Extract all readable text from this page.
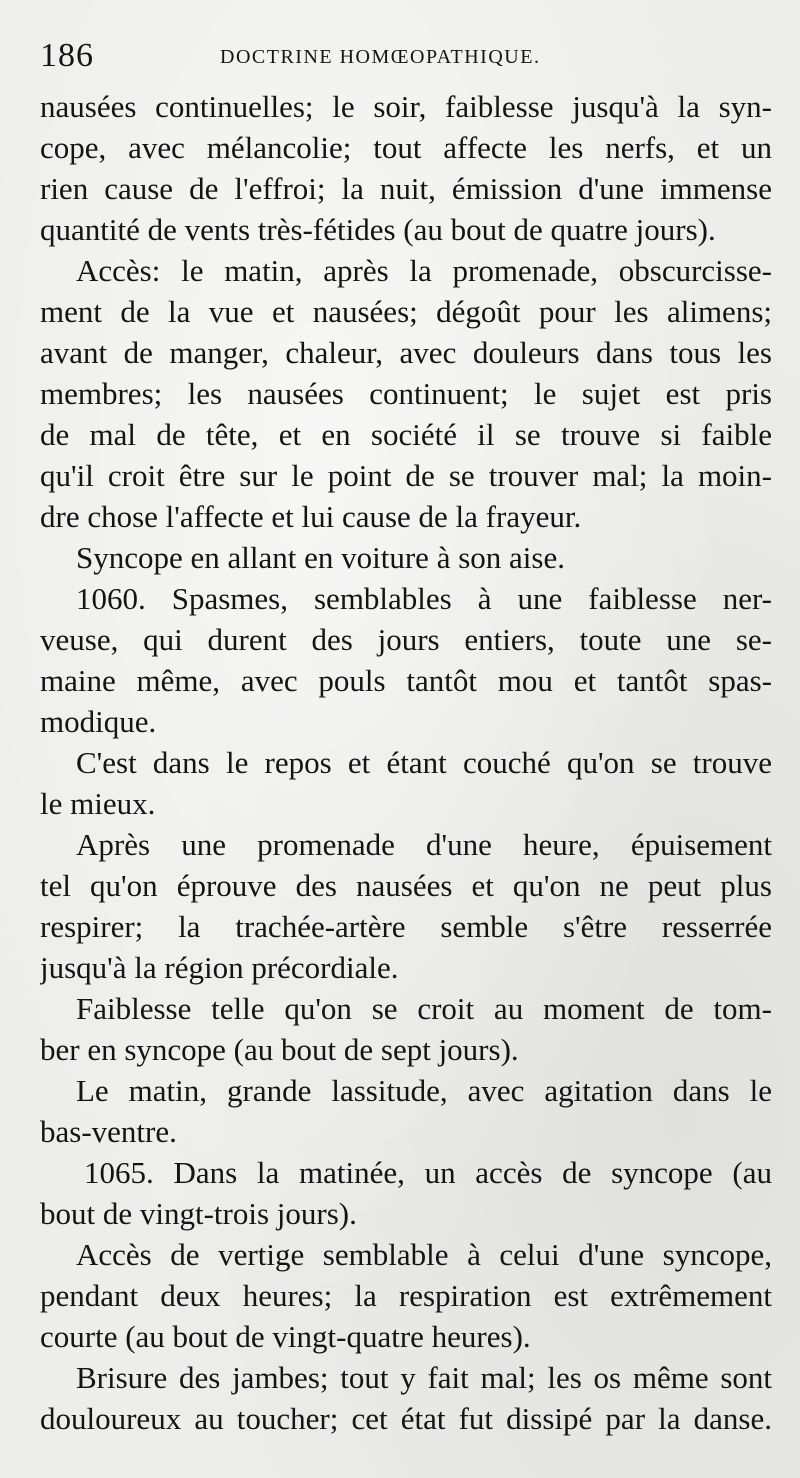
186	DOCTRINE HOMŒOPATHIQUE.
nausées continuelles; le soir, faiblesse jusqu'à la syn-
cope, avec mélancolie; tout affecte les nerfs, et un
rien cause de l'effroi; la nuit, émission d'une immense
quantité de vents très-fétides (au bout de quatre jours).
Accès: le matin, après la promenade, obscurcisse-
ment de la vue et nausées; dégoût pour les alimens;
avant de manger, chaleur, avec douleurs dans tous les
membres; les nausées continuent; le sujet est pris
de mal de tête, et en société il se trouve si faible
qu'il croit être sur le point de se trouver mal; la moin-
dre chose l'affecte et lui cause de la frayeur.
Syncope en allant en voiture à son aise.
1060. Spasmes, semblables à une faiblesse ner-
veuse, qui durent des jours entiers, toute une se-
maine même, avec pouls tantôt mou et tantôt spas-
modique.
C'est dans le repos et étant couché qu'on se trouve
le mieux.
Après une promenade d'une heure, épuisement
tel qu'on éprouve des nausées et qu'on ne peut plus
respirer; la trachée-artère semble s'être resserrée
jusqu'à la région précordiale.
Faiblesse telle qu'on se croit au moment de tom-
ber en syncope (au bout de sept jours).
Le matin, grande lassitude, avec agitation dans le
bas-ventre.
1065. Dans la matinée, un accès de syncope (au
bout de vingt-trois jours).
Accès de vertige semblable à celui d'une syncope,
pendant deux heures; la respiration est extrêmement
courte (au bout de vingt-quatre heures).
Brisure des jambes; tout y fait mal; les os même sont
douloureux au toucher; cet état fut dissipé par la danse.
